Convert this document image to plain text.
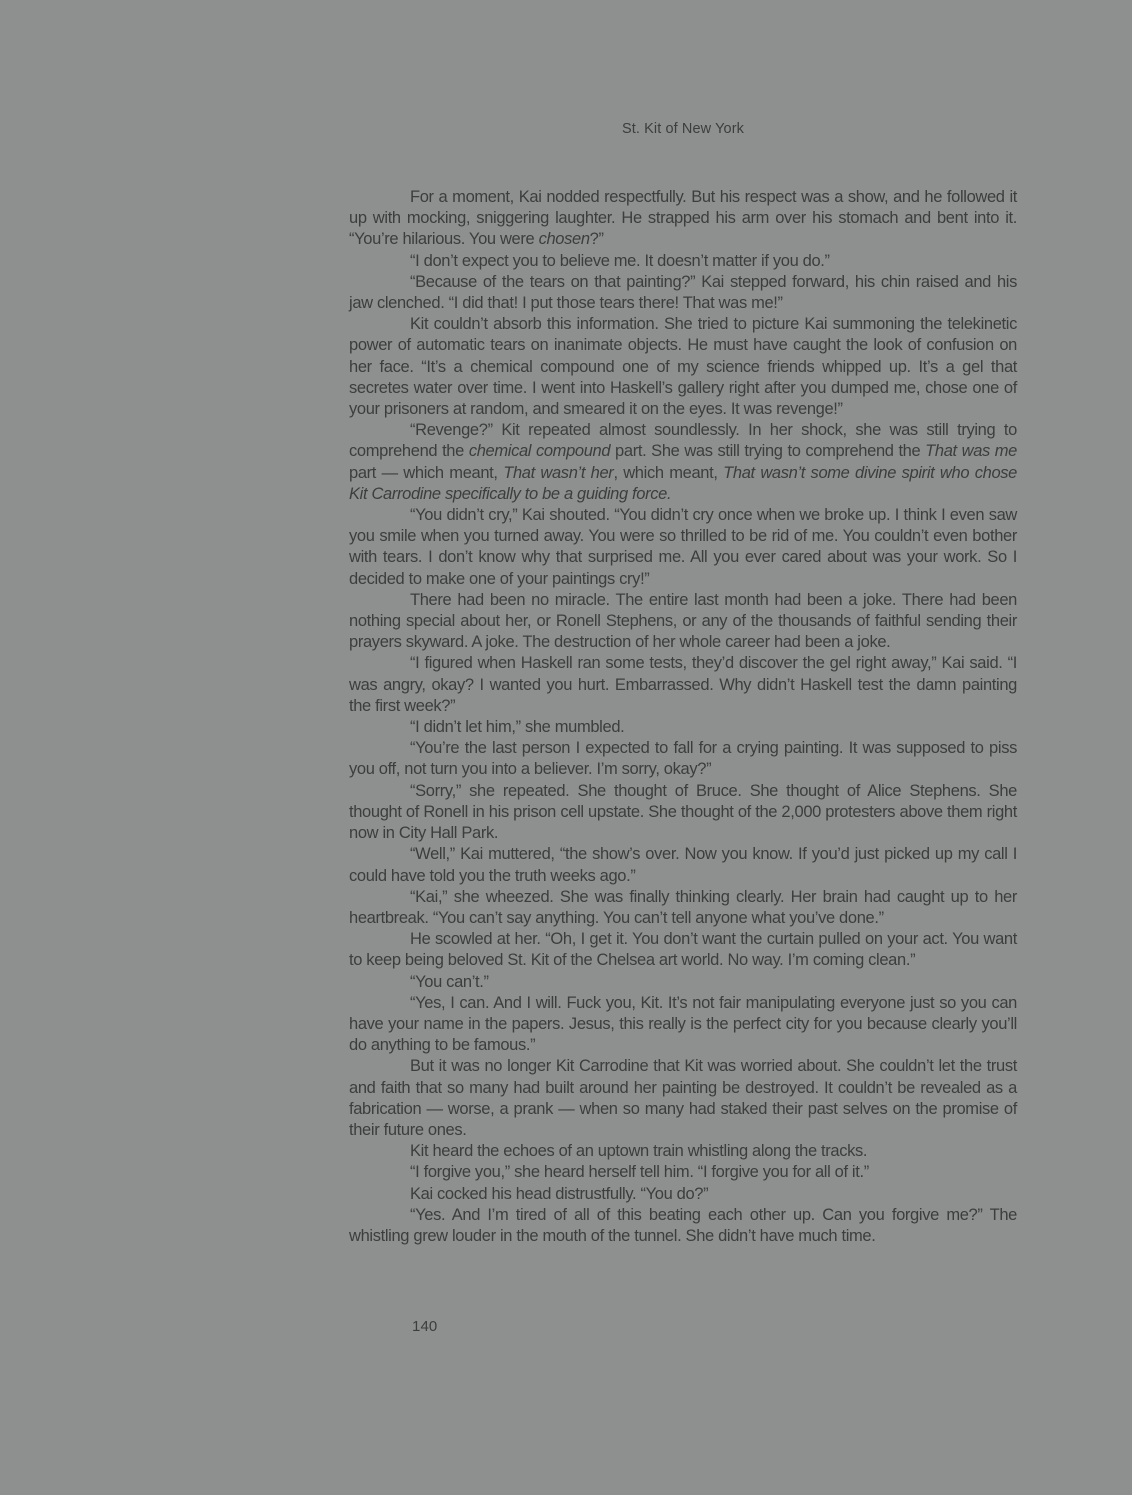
St. Kit of New York

For a moment, Kai nodded respectfully. But his respect was a show, and he followed it up with mocking, sniggering laughter. He strapped his arm over his stomach and bent into it. “You’re hilarious. You were chosen?”

“I don’t expect you to believe me. It doesn’t matter if you do.”

“Because of the tears on that painting?” Kai stepped forward, his chin raised and his jaw clenched. “I did that! I put those tears there! That was me!”

Kit couldn’t absorb this information. She tried to picture Kai summoning the telekinetic power of automatic tears on inanimate objects. He must have caught the look of confusion on her face. “It’s a chemical compound one of my science friends whipped up. It’s a gel that secretes water over time. I went into Haskell’s gallery right after you dumped me, chose one of your prisoners at random, and smeared it on the eyes. It was revenge!”

“Revenge?” Kit repeated almost soundlessly. In her shock, she was still trying to comprehend the chemical compound part. She was still trying to comprehend the That was me part — which meant, That wasn’t her, which meant, That wasn’t some divine spirit who chose Kit Carrodine specifically to be a guiding force.

“You didn’t cry,” Kai shouted. “You didn’t cry once when we broke up. I think I even saw you smile when you turned away. You were so thrilled to be rid of me. You couldn’t even bother with tears. I don’t know why that surprised me. All you ever cared about was your work. So I decided to make one of your paintings cry!”

There had been no miracle. The entire last month had been a joke. There had been nothing special about her, or Ronell Stephens, or any of the thousands of faithful sending their prayers skyward. A joke. The destruction of her whole career had been a joke.

“I figured when Haskell ran some tests, they’d discover the gel right away,” Kai said. “I was angry, okay? I wanted you hurt. Embarrassed. Why didn’t Haskell test the damn painting the first week?”

“I didn’t let him,” she mumbled.

“You’re the last person I expected to fall for a crying painting. It was supposed to piss you off, not turn you into a believer. I’m sorry, okay?”

“Sorry,” she repeated. She thought of Bruce. She thought of Alice Stephens. She thought of Ronell in his prison cell upstate. She thought of the 2,000 protesters above them right now in City Hall Park.

“Well,” Kai muttered, “the show’s over. Now you know. If you’d just picked up my call I could have told you the truth weeks ago.”

“Kai,” she wheezed. She was finally thinking clearly. Her brain had caught up to her heartbreak. “You can’t say anything. You can’t tell anyone what you’ve done.”

He scowled at her. “Oh, I get it. You don’t want the curtain pulled on your act. You want to keep being beloved St. Kit of the Chelsea art world. No way. I’m coming clean.”

“You can’t.”

“Yes, I can. And I will. Fuck you, Kit. It’s not fair manipulating everyone just so you can have your name in the papers. Jesus, this really is the perfect city for you because clearly you’ll do anything to be famous.”

But it was no longer Kit Carrodine that Kit was worried about. She couldn’t let the trust and faith that so many had built around her painting be destroyed. It couldn’t be revealed as a fabrication — worse, a prank — when so many had staked their past selves on the promise of their future ones.

Kit heard the echoes of an uptown train whistling along the tracks.

“I forgive you,” she heard herself tell him. “I forgive you for all of it.”

Kai cocked his head distrustfully. “You do?”

“Yes. And I’m tired of all of this beating each other up. Can you forgive me?” The whistling grew louder in the mouth of the tunnel. She didn’t have much time.

140
